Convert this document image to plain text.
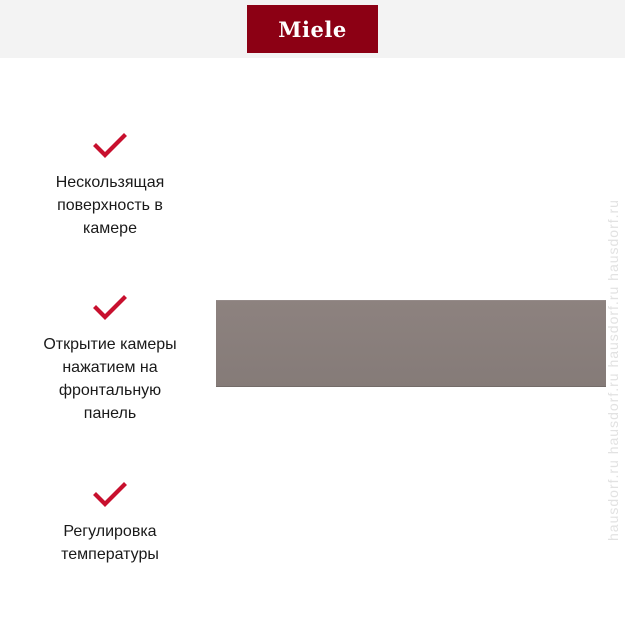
Miele
Нескользящая
поверхность в
камере
Открытие камеры
нажатием на
фронтальную
панель
Регулировка
температуры
hausdorf.ru hausdorf.ru hausdorf.ru hausdorf.ru
